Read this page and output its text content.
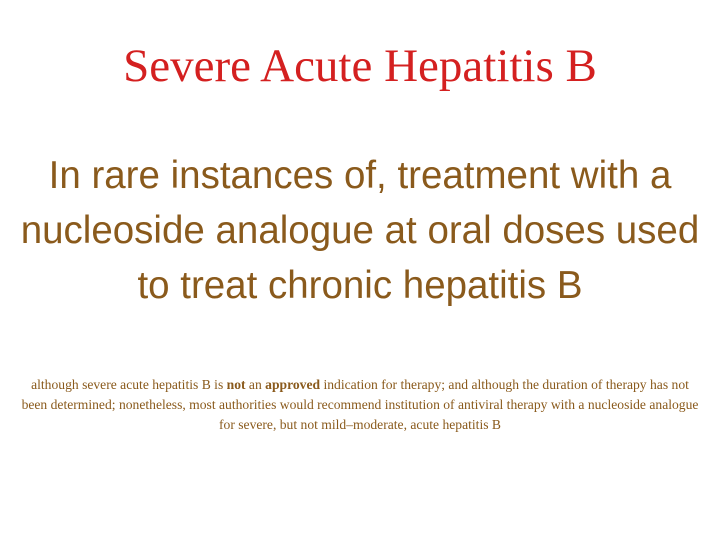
Severe Acute Hepatitis B

In rare instances of, treatment with a nucleoside analogue at oral doses used to treat chronic hepatitis B

although severe acute hepatitis B is not an approved indication for therapy; and although the duration of therapy has not been determined; nonetheless, most authorities would recommend institution of antiviral therapy with a nucleoside analogue for severe, but not mild–moderate, acute hepatitis B
